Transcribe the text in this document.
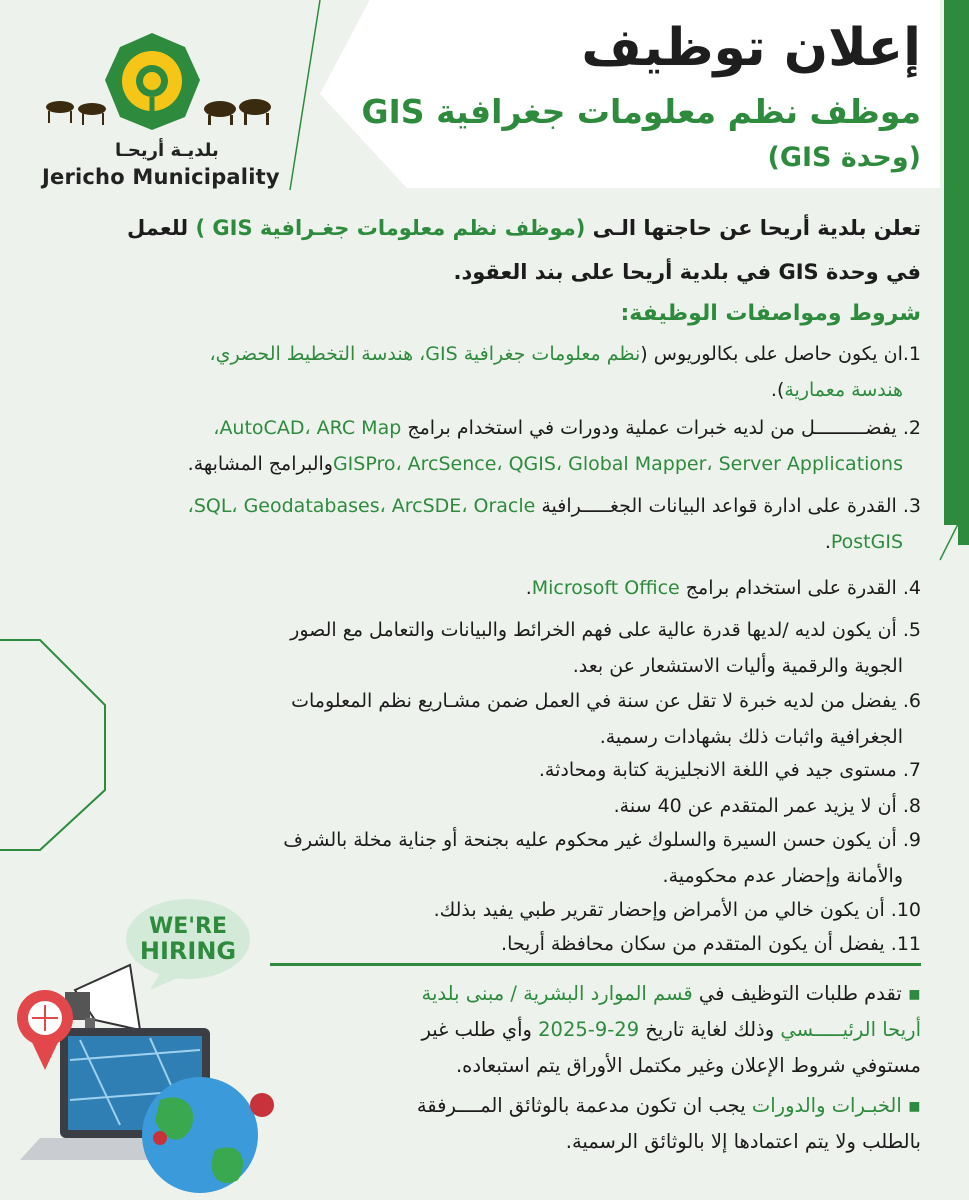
إعلان توظيف
موظف نظم معلومات جغرافية GIS
(وحدة GIS)
بلديـة أريحـا
Jericho Municipality
تعلن بلدية أريحا عن حاجتها الـى (موظف نظم معلومات جغـرافية GIS ) للعمل
في وحدة GIS في بلدية أريحا على بند العقود.
شروط ومواصفات الوظيفة:
1.ان يكون حاصل على بكالوريوس (نظم معلومات جغرافية GIS، هندسة التخطيط الحضري،
هندسة معمارية).
2. يفضـــــــــل من لديه خبرات عملية ودورات في استخدام برامج AutoCAD، ARC Map،
GISPro، ArcSence، QGIS، Global Mapper، Server Applicationsوالبرامج المشابهة.
3. القدرة على ادارة قواعد البيانات الجغـــــرافية SQL، Geodatabases، ArcSDE، Oracle،
PostGIS.
4. القدرة على استخدام برامج Microsoft Office.
5. أن يكون لديه /لديها قدرة عالية على فهم الخرائط والبيانات والتعامل مع الصور
الجوية والرقمية وأليات الاستشعار عن بعد.
6. يفضل من لديه خبرة لا تقل عن سنة في العمل ضمن مشـاريع نظم المعلومات
الجغرافية واثبات ذلك بشهادات رسمية.
7. مستوى جيد في اللغة الانجليزية كتابة ومحادثة.
8. أن لا يزيد عمر المتقدم عن 40 سنة.
9. أن يكون حسن السيرة والسلوك غير محكوم عليه بجنحة أو جناية مخلة بالشرف
والأمانة وإحضار عدم محكومية.
10. أن يكون خالي من الأمراض وإحضار تقرير طبي يفيد بذلك.
11. يفضل أن يكون المتقدم من سكان محافظة أريحا.
▪تقدم طلبات التوظيف في قسم الموارد البشرية / مبنى بلدية
أريحا الرئيـــــسي وذلك لغاية تاريخ 29-9-2025 وأي طلب غير
مستوفي شروط الإعلان وغير مكتمل الأوراق يتم استبعاده.
▪الخبـرات والدورات يجب ان تكون مدعمة بالوثائق المــــرفقة
بالطلب ولا يتم اعتمادها إلا بالوثائق الرسمية.
WE'RE
HIRING
